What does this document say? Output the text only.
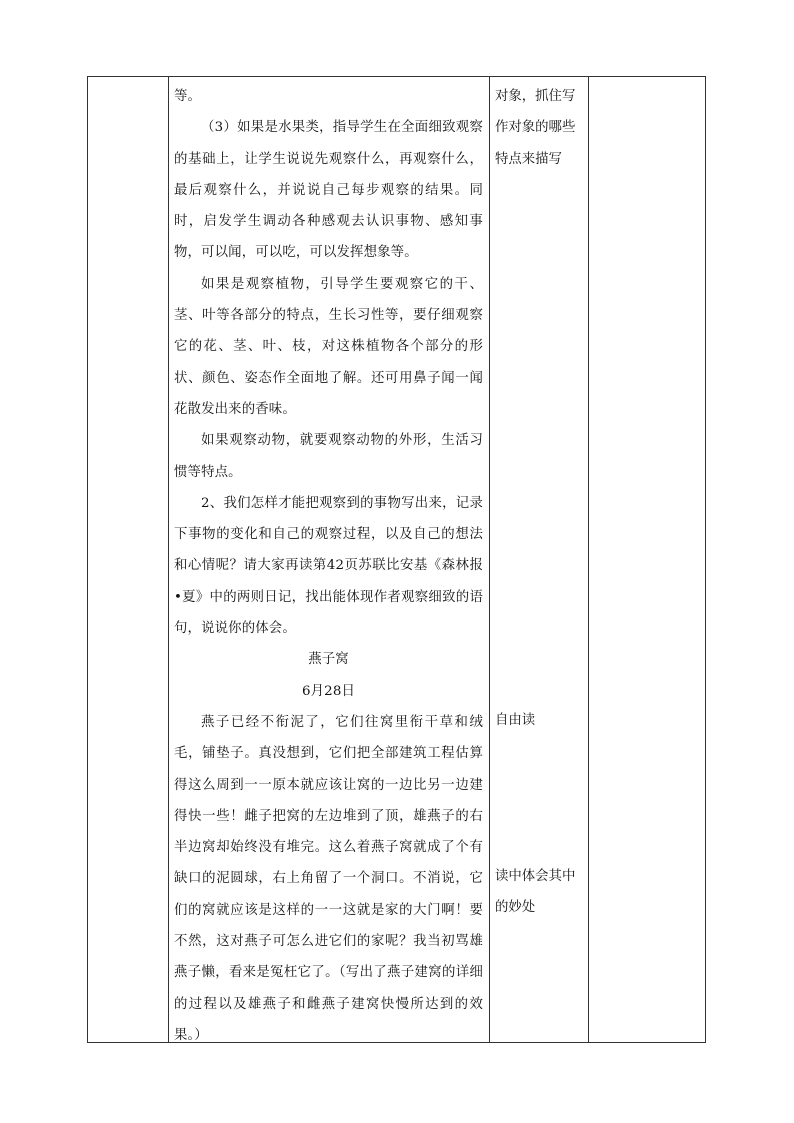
等。

（3）如果是水果类，指导学生在全面细致观察的基础上，让学生说说先观察什么，再观察什么，最后观察什么，并说说自己每步观察的结果。同时，启发学生调动各种感观去认识事物、感知事物，可以闻，可以吃，可以发挥想象等。

如果是观察植物，引导学生要观察它的干、茎、叶等各部分的特点，生长习性等，要仔细观察它的花、茎、叶、枝，对这株植物各个部分的形状、颜色、姿态作全面地了解。还可用鼻子闻一闻花散发出来的香味。

如果观察动物，就要观察动物的外形，生活习惯等特点。

2、我们怎样才能把观察到的事物写出来，记录下事物的变化和自己的观察过程，以及自己的想法和心情呢？请大家再读第42页苏联比安基《森林报•夏》中的两则日记，找出能体现作者观察细致的语句，说说你的体会。

燕子窝

6月28日

燕子已经不衔泥了，它们往窝里衔干草和绒毛，铺垫子。真没想到，它们把全部建筑工程估算得这么周到一一原本就应该让窝的一边比另一边建得快一些！雌子把窝的左边堆到了顶，雄燕子的右半边窝却始终没有堆完。这么着燕子窝就成了个有缺口的泥圆球，右上角留了一个洞口。不消说，它们的窝就应该是这样的一一这就是家的大门啊！要不然，这对燕子可怎么进它们的家呢？我当初骂雄燕子懒，看来是冤枉它了。（写出了燕子建窝的详细的过程以及雄燕子和雌燕子建窝快慢所达到的效果。）

对象，抓住写作对象的哪些特点来描写

自由读

读中体会其中的妙处
